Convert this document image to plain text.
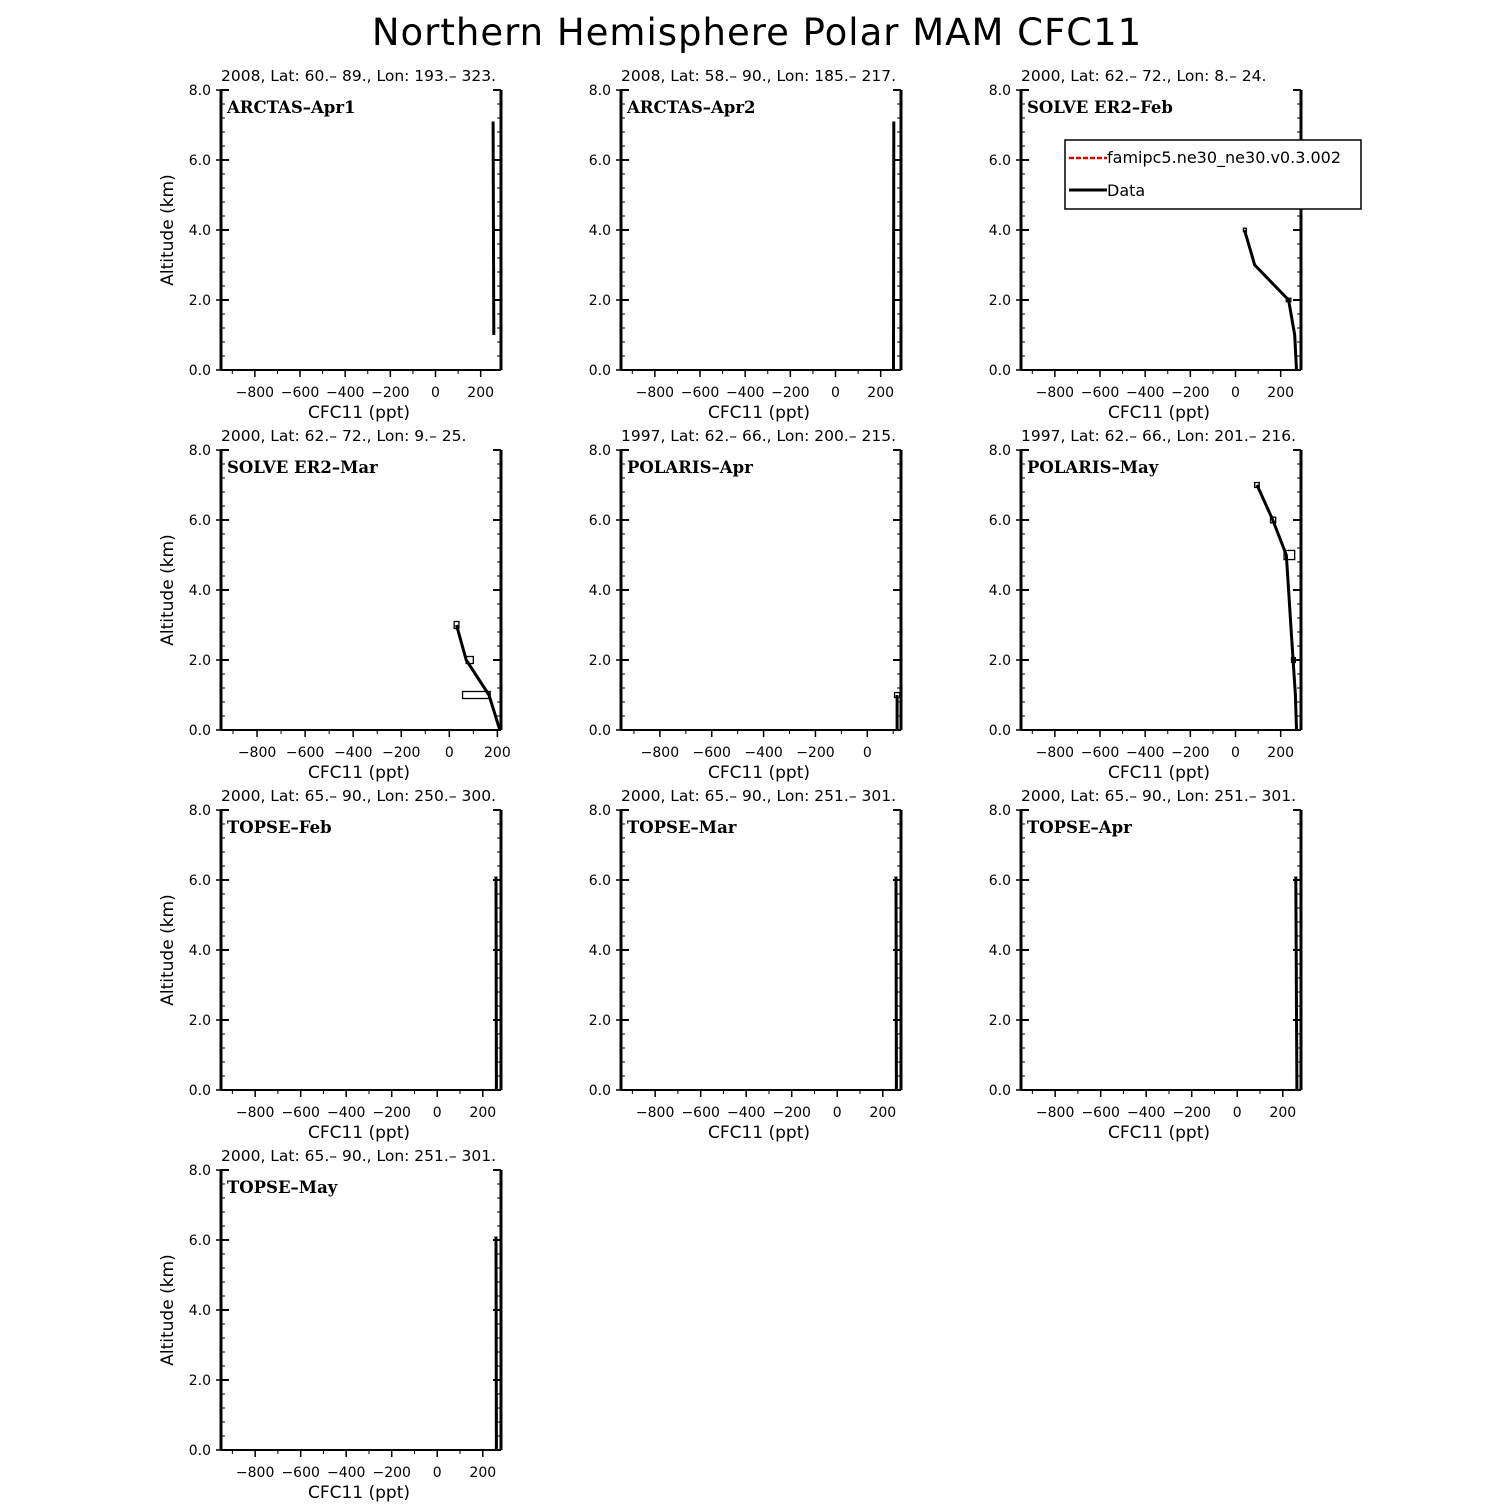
Northern Hemisphere Polar MAM CFC11
2008, Lat: 60.– 89., Lon: 193.– 323.
0.0
2.0
4.0
6.0
8.0
−800 −600 −400 −200 0 200
CFC11 (ppt)
Altitude (km)
ARCTAS–Apr1
2008, Lat: 58.– 90., Lon: 185.– 217.
0.0
2.0
4.0
6.0
8.0
−800 −600 −400 −200 0 200
CFC11 (ppt)
ARCTAS–Apr2
2000, Lat: 62.– 72., Lon: 8.– 24.
0.0
2.0
4.0
6.0
8.0
−800 −600 −400 −200 0 200
CFC11 (ppt)
SOLVE ER2–Feb
famipc5.ne30_ne30.v0.3.002
Data
2000, Lat: 62.– 72., Lon: 9.– 25.
0.0
2.0
4.0
6.0
8.0
−800 −600 −400 −200 0 200
CFC11 (ppt)
Altitude (km)
SOLVE ER2–Mar
1997, Lat: 62.– 66., Lon: 200.– 215.
0.0
2.0
4.0
6.0
8.0
−800 −600 −400 −200 0
CFC11 (ppt)
POLARIS–Apr
1997, Lat: 62.– 66., Lon: 201.– 216.
0.0
2.0
4.0
6.0
8.0
−800 −600 −400 −200 0 200
CFC11 (ppt)
POLARIS–May
2000, Lat: 65.– 90., Lon: 250.– 300.
0.0
2.0
4.0
6.0
8.0
−800 −600 −400 −200 0 200
CFC11 (ppt)
Altitude (km)
TOPSE–Feb
2000, Lat: 65.– 90., Lon: 251.– 301.
0.0
2.0
4.0
6.0
8.0
−800 −600 −400 −200 0 200
CFC11 (ppt)
TOPSE–Mar
2000, Lat: 65.– 90., Lon: 251.– 301.
0.0
2.0
4.0
6.0
8.0
−800 −600 −400 −200 0 200
CFC11 (ppt)
TOPSE–Apr
2000, Lat: 65.– 90., Lon: 251.– 301.
0.0
2.0
4.0
6.0
8.0
−800 −600 −400 −200 0 200
CFC11 (ppt)
Altitude (km)
TOPSE–May
